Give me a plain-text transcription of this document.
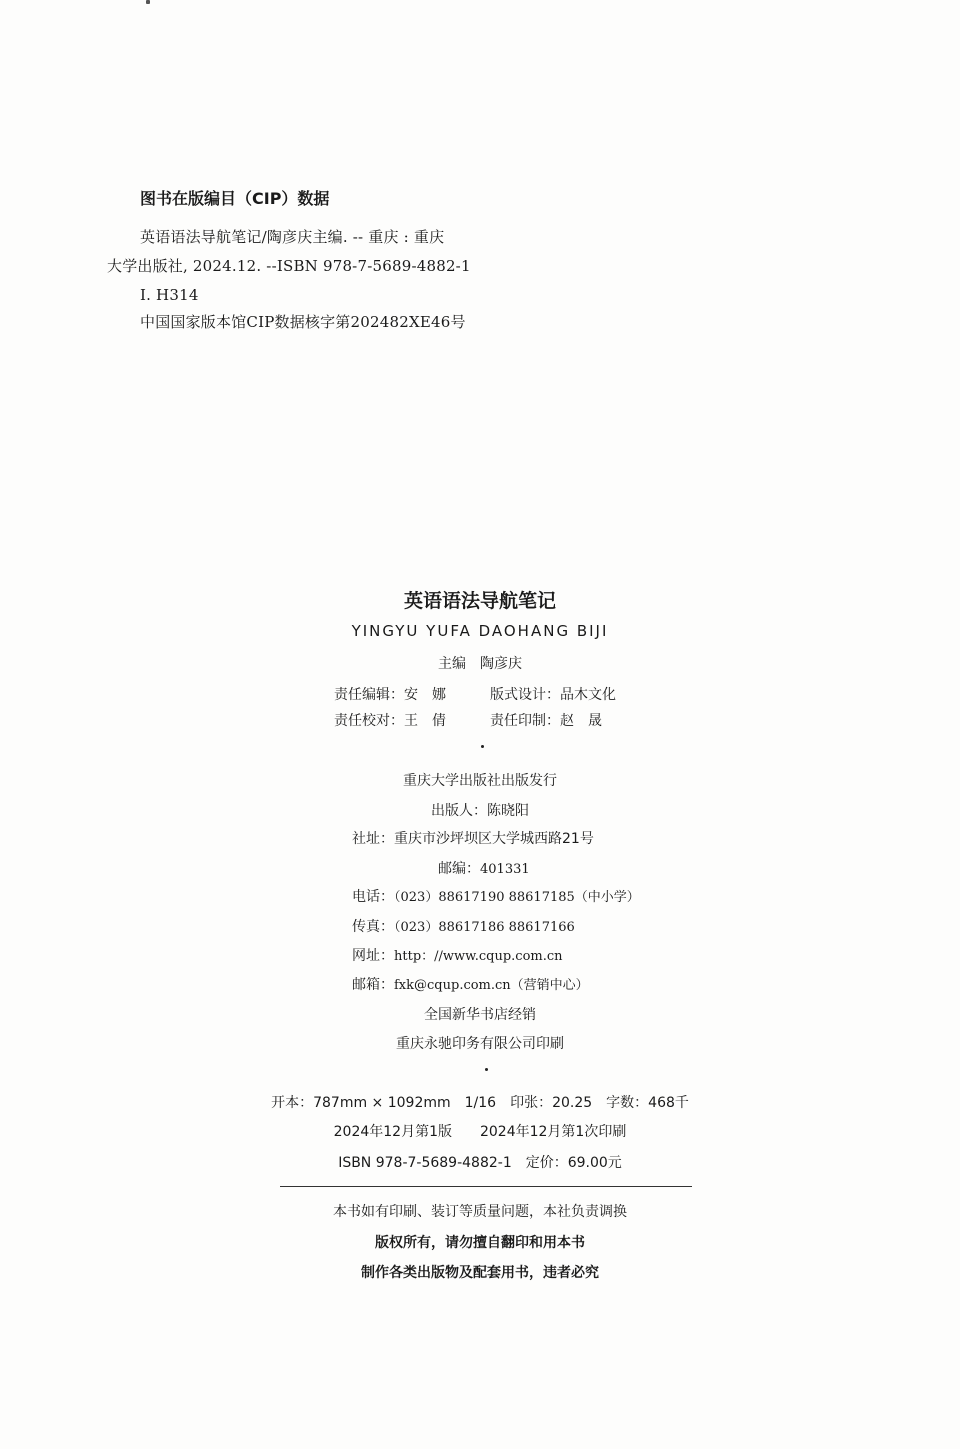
图书在版编目（CIP）数据
英语语法导航笔记/陶彦庆主编. -- 重庆 : 重庆
大学出版社, 2024.12. --ISBN 978-7-5689-4882-1
I. H314
中国国家版本馆CIP数据核字第202482XE46号
英语语法导航笔记
YINGYU YUFA DAOHANG BIJI
主编　陶彦庆
责任编辑：安　娜	版式设计：品木文化
责任校对：王　倩	责任印制：赵　晟
重庆大学出版社出版发行
出版人：陈晓阳
社址：重庆市沙坪坝区大学城西路21号
邮编：401331
电话：（023）88617190 88617185（中小学）
传真：（023）88617186 88617166
网址：http：//www.cqup.com.cn
邮箱：fxk@cqup.com.cn（营销中心）
全国新华书店经销
重庆永驰印务有限公司印刷
开本：787mm × 1092mm　1/16　印张：20.25　字数：468千
2024年12月第1版　　2024年12月第1次印刷
ISBN 978-7-5689-4882-1　定价：69.00元
本书如有印刷、装订等质量问题，本社负责调换
版权所有，请勿擅自翻印和用本书
制作各类出版物及配套用书，违者必究
